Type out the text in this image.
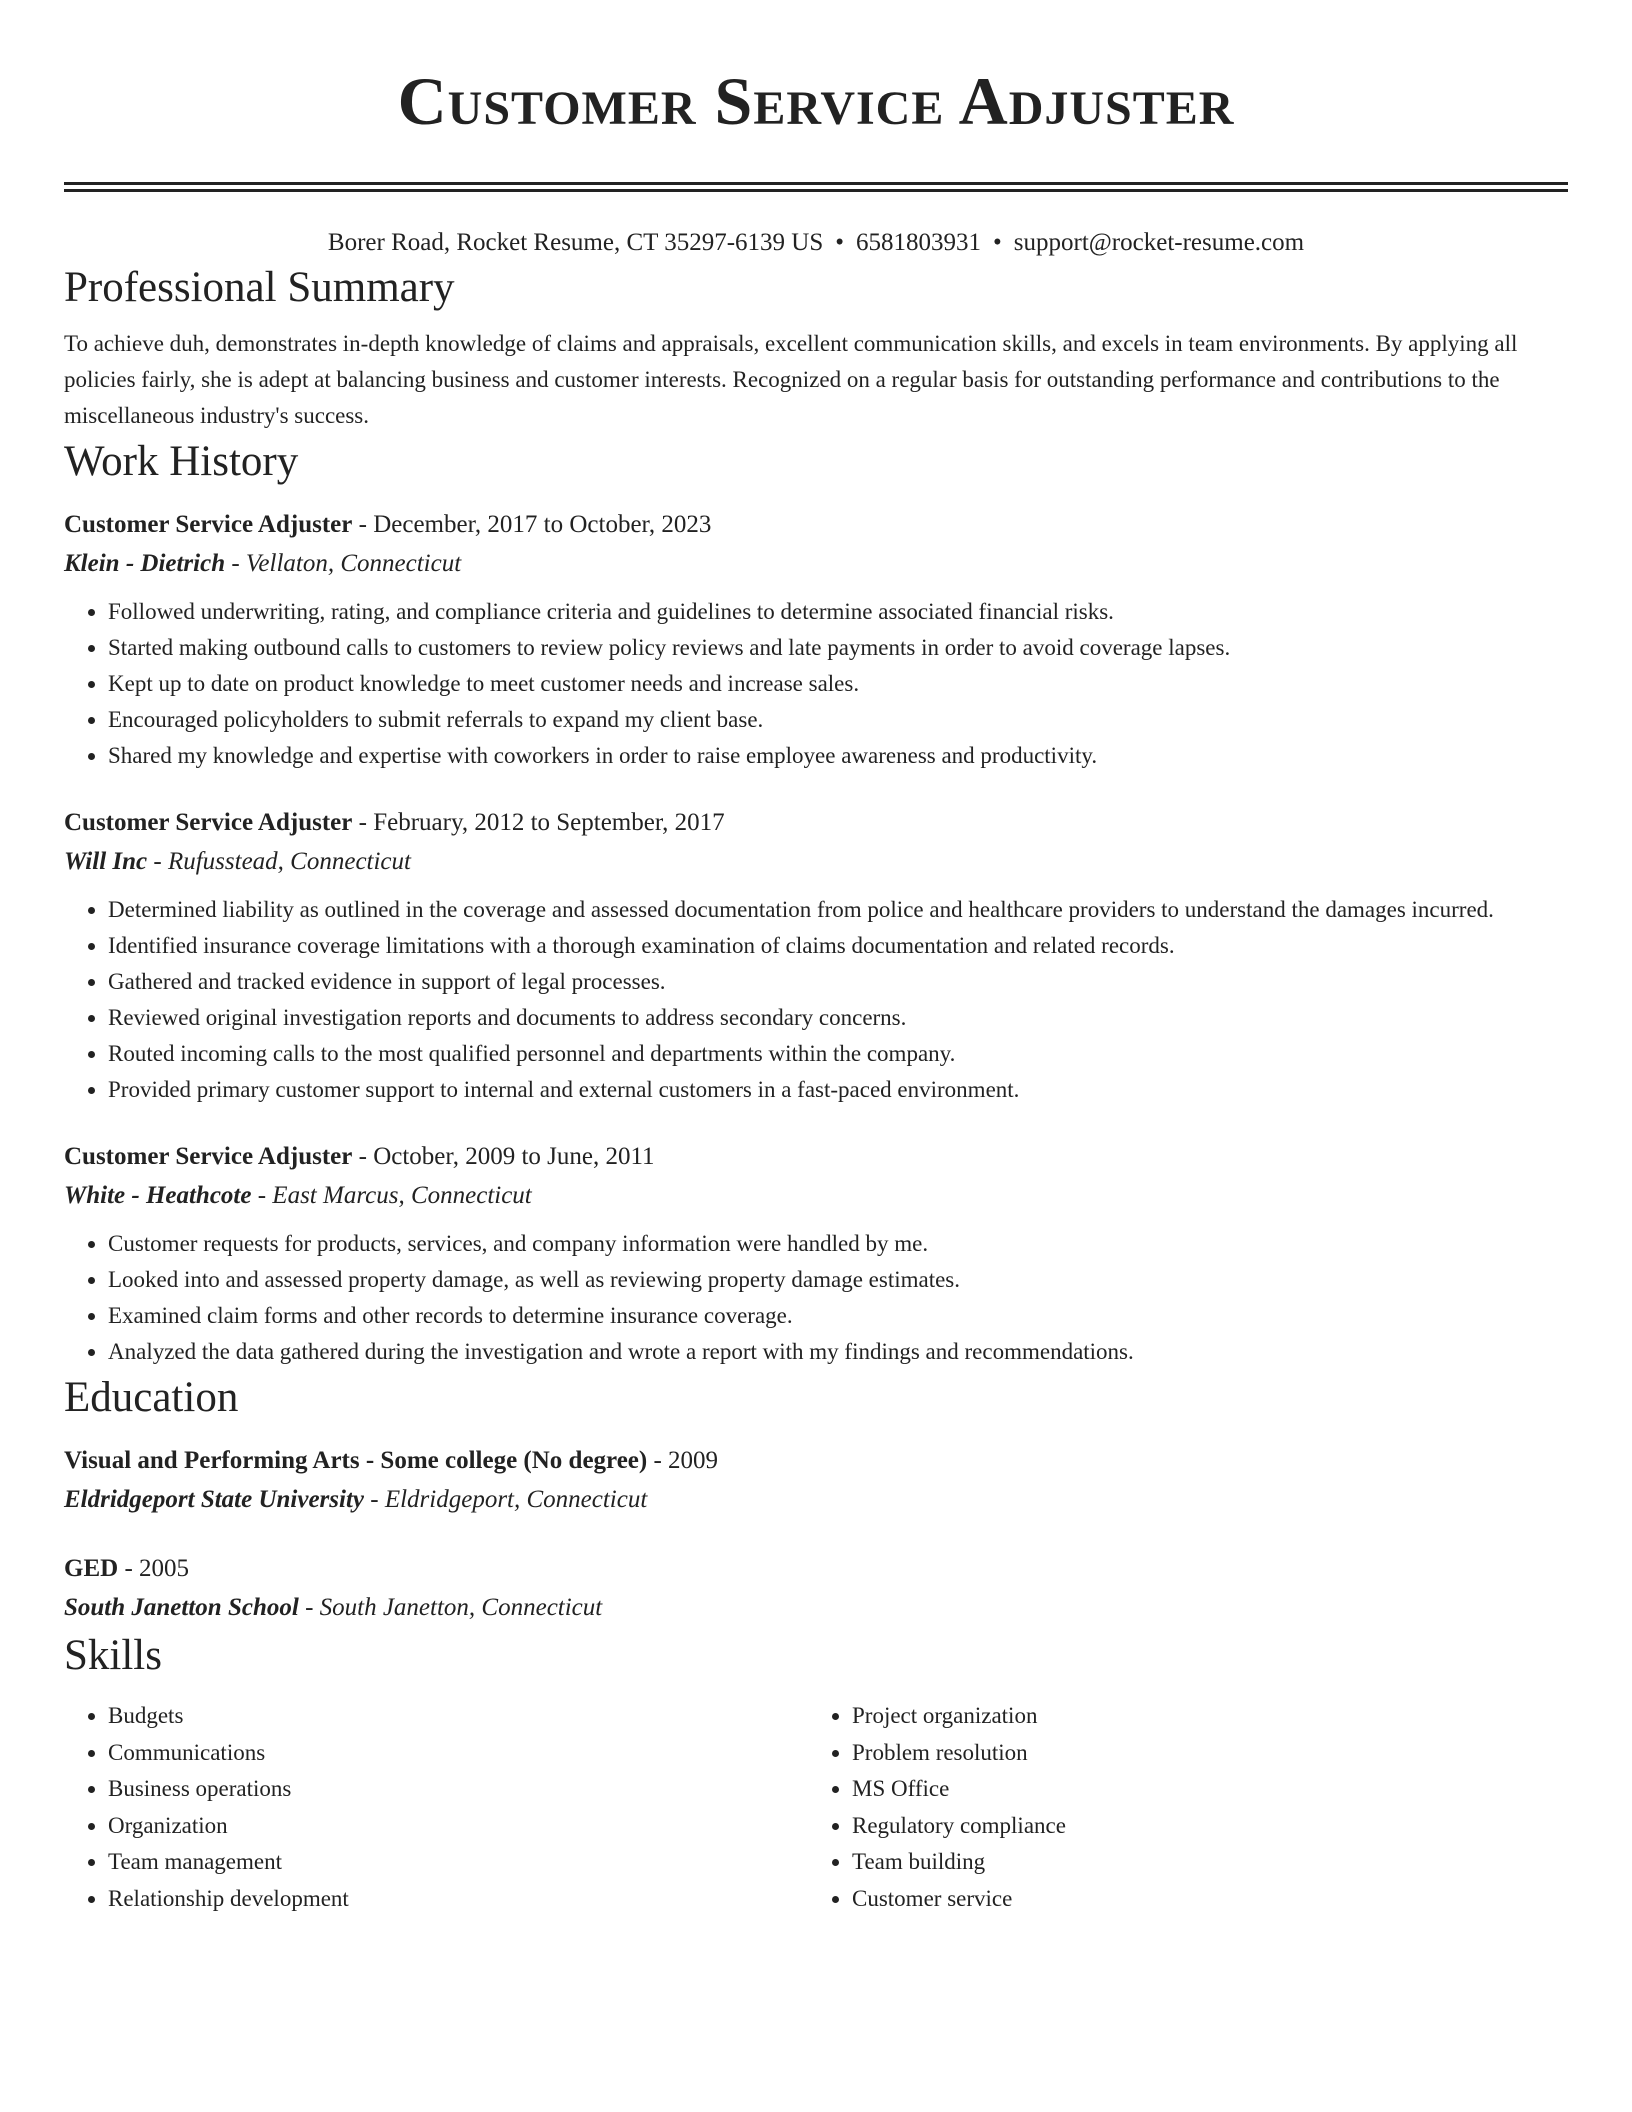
Customer Service Adjuster
Borer Road, Rocket Resume, CT 35297-6139 US • 6581803931 • support@rocket-resume.com
Professional Summary

To achieve duh, demonstrates in-depth knowledge of claims and appraisals, excellent communication skills, and excels in team environments. By applying all policies fairly, she is adept at balancing business and customer interests. Recognized on a regular basis for outstanding performance and contributions to the miscellaneous industry's success.

Work History
Customer Service Adjuster - December, 2017 to October, 2023
Klein - Dietrich - Vellaton, Connecticut
• Followed underwriting, rating, and compliance criteria and guidelines to determine associated financial risks.
• Started making outbound calls to customers to review policy reviews and late payments in order to avoid coverage lapses.
• Kept up to date on product knowledge to meet customer needs and increase sales.
• Encouraged policyholders to submit referrals to expand my client base.
• Shared my knowledge and expertise with coworkers in order to raise employee awareness and productivity.
Customer Service Adjuster - February, 2012 to September, 2017
Will Inc - Rufusstead, Connecticut
• Determined liability as outlined in the coverage and assessed documentation from police and healthcare providers to understand the damages incurred.
• Identified insurance coverage limitations with a thorough examination of claims documentation and related records.
• Gathered and tracked evidence in support of legal processes.
• Reviewed original investigation reports and documents to address secondary concerns.
• Routed incoming calls to the most qualified personnel and departments within the company.
• Provided primary customer support to internal and external customers in a fast-paced environment.
Customer Service Adjuster - October, 2009 to June, 2011
White - Heathcote - East Marcus, Connecticut
• Customer requests for products, services, and company information were handled by me.
• Looked into and assessed property damage, as well as reviewing property damage estimates.
• Examined claim forms and other records to determine insurance coverage.
• Analyzed the data gathered during the investigation and wrote a report with my findings and recommendations.
Education
Visual and Performing Arts - Some college (No degree) - 2009
Eldridgeport State University - Eldridgeport, Connecticut
GED - 2005
South Janetton School - South Janetton, Connecticut
Skills
• Budgets
• Communications
• Business operations
• Organization
• Team management
• Relationship development
• Project organization
• Problem resolution
• MS Office
• Regulatory compliance
• Team building
• Customer service
